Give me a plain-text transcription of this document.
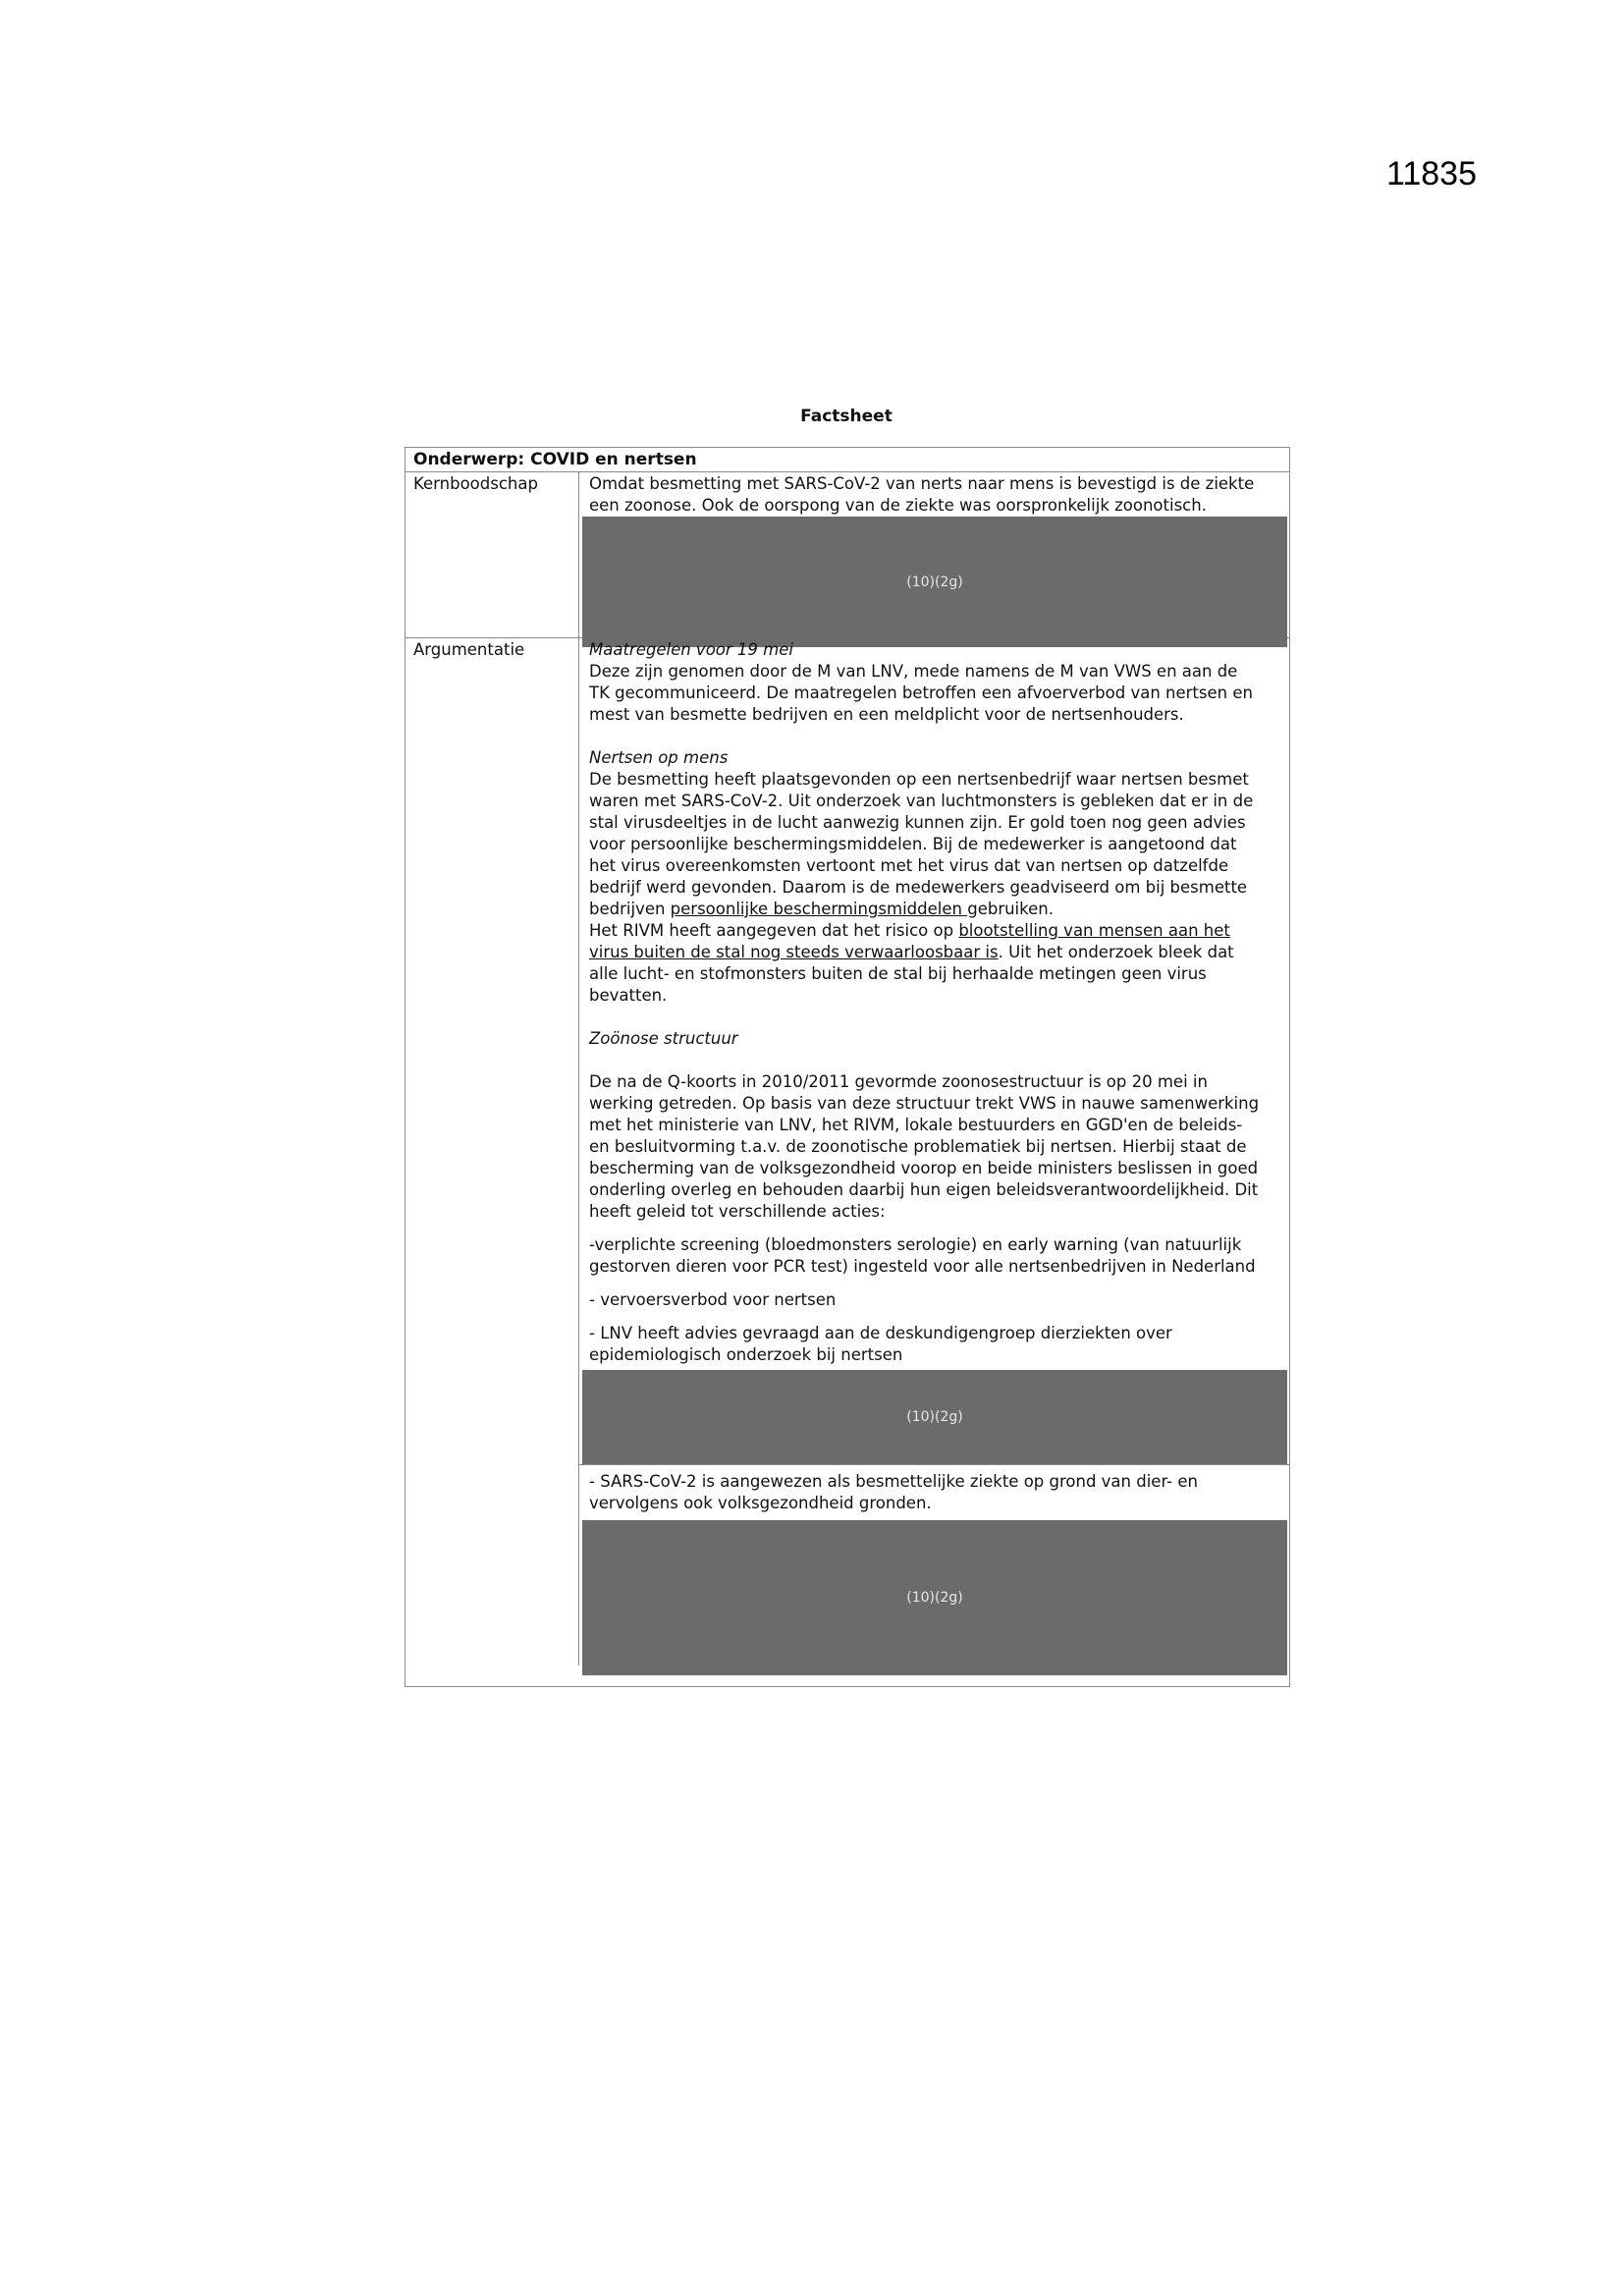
11835
Factsheet
Onderwerp: COVID en nertsen
Kernboodschap	Omdat besmetting met SARS-CoV-2 van nerts naar mens is bevestigd is de ziekte

een zoonose. Ook de oorspong van de ziekte was oorspronkelijk zoonotisch.

(10)(2g)
Argumentatie	Maatregelen voor 19 mei

Deze zijn genomen door de M van LNV, mede namens de M van VWS en aan de

TK gecommuniceerd. De maatregelen betroffen een afvoerverbod van nertsen en

mest van besmette bedrijven en een meldplicht voor de nertsenhouders.

Nertsen op mens

De besmetting heeft plaatsgevonden op een nertsenbedrijf waar nertsen besmet

waren met SARS-CoV-2. Uit onderzoek van luchtmonsters is gebleken dat er in de

stal virusdeeltjes in de lucht aanwezig kunnen zijn. Er gold toen nog geen advies

voor persoonlijke beschermingsmiddelen. Bij de medewerker is aangetoond dat

het virus overeenkomsten vertoont met het virus dat van nertsen op datzelfde

bedrijf werd gevonden. Daarom is de medewerkers geadviseerd om bij besmette

bedrijven persoonlijke beschermingsmiddelen gebruiken.

Het RIVM heeft aangegeven dat het risico op blootstelling van mensen aan het

virus buiten de stal nog steeds verwaarloosbaar is. Uit het onderzoek bleek dat

alle lucht- en stofmonsters buiten de stal bij herhaalde metingen geen virus

bevatten.

Zoönose structuur

De na de Q-koorts in 2010/2011 gevormde zoonosestructuur is op 20 mei in

werking getreden. Op basis van deze structuur trekt VWS in nauwe samenwerking

met het ministerie van LNV, het RIVM, lokale bestuurders en GGD'en de beleids-

en besluitvorming t.a.v. de zoonotische problematiek bij nertsen. Hierbij staat de

bescherming van de volksgezondheid voorop en beide ministers beslissen in goed

onderling overleg en behouden daarbij hun eigen beleidsverantwoordelijkheid. Dit

heeft geleid tot verschillende acties:

-verplichte screening (bloedmonsters serologie) en early warning (van natuurlijk

gestorven dieren voor PCR test) ingesteld voor alle nertsenbedrijven in Nederland

- vervoersverbod voor nertsen

- LNV heeft advies gevraagd aan de deskundigengroep dierziekten over

epidemiologisch onderzoek bij nertsen

(10)(2g)

- SARS-CoV-2 is aangewezen als besmettelijke ziekte op grond van dier- en

vervolgens ook volksgezondheid gronden.

(10)(2g)
